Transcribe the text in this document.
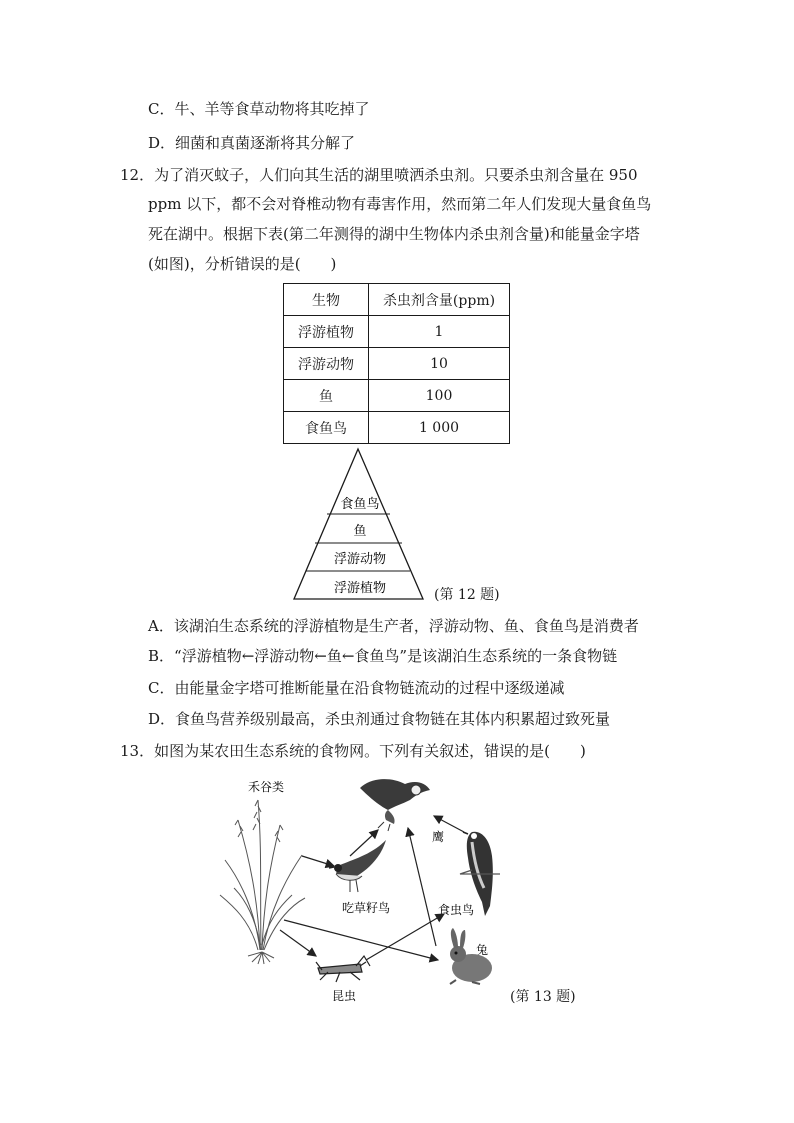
C．牛、羊等食草动物将其吃掉了
D．细菌和真菌逐渐将其分解了
12．为了消灭蚊子，人们向其生活的湖里喷洒杀虫剂。只要杀虫剂含量在 950
ppm 以下，都不会对脊椎动物有毒害作用，然而第二年人们发现大量食鱼鸟
死在湖中。根据下表(第二年测得的湖中生物体内杀虫剂含量)和能量金字塔
(如图)，分析错误的是(　　)
生物	杀虫剂含量(ppm)
浮游植物	1
浮游动物	10
鱼	100
食鱼鸟	1 000
食鱼鸟
鱼
浮游动物
浮游植物	(第 12 题)
A．该湖泊生态系统的浮游植物是生产者，浮游动物、鱼、食鱼鸟是消费者
B．“浮游植物←浮游动物←鱼←食鱼鸟”是该湖泊生态系统的一条食物链
C．由能量金字塔可推断能量在沿食物链流动的过程中逐级递减
D．食鱼鸟营养级别最高，杀虫剂通过食物链在其体内积累超过致死量
13．如图为某农田生态系统的食物网。下列有关叙述，错误的是(　　)
禾谷类
鹰
吃草籽鸟	食虫鸟
兔
昆虫	(第 13 题)
